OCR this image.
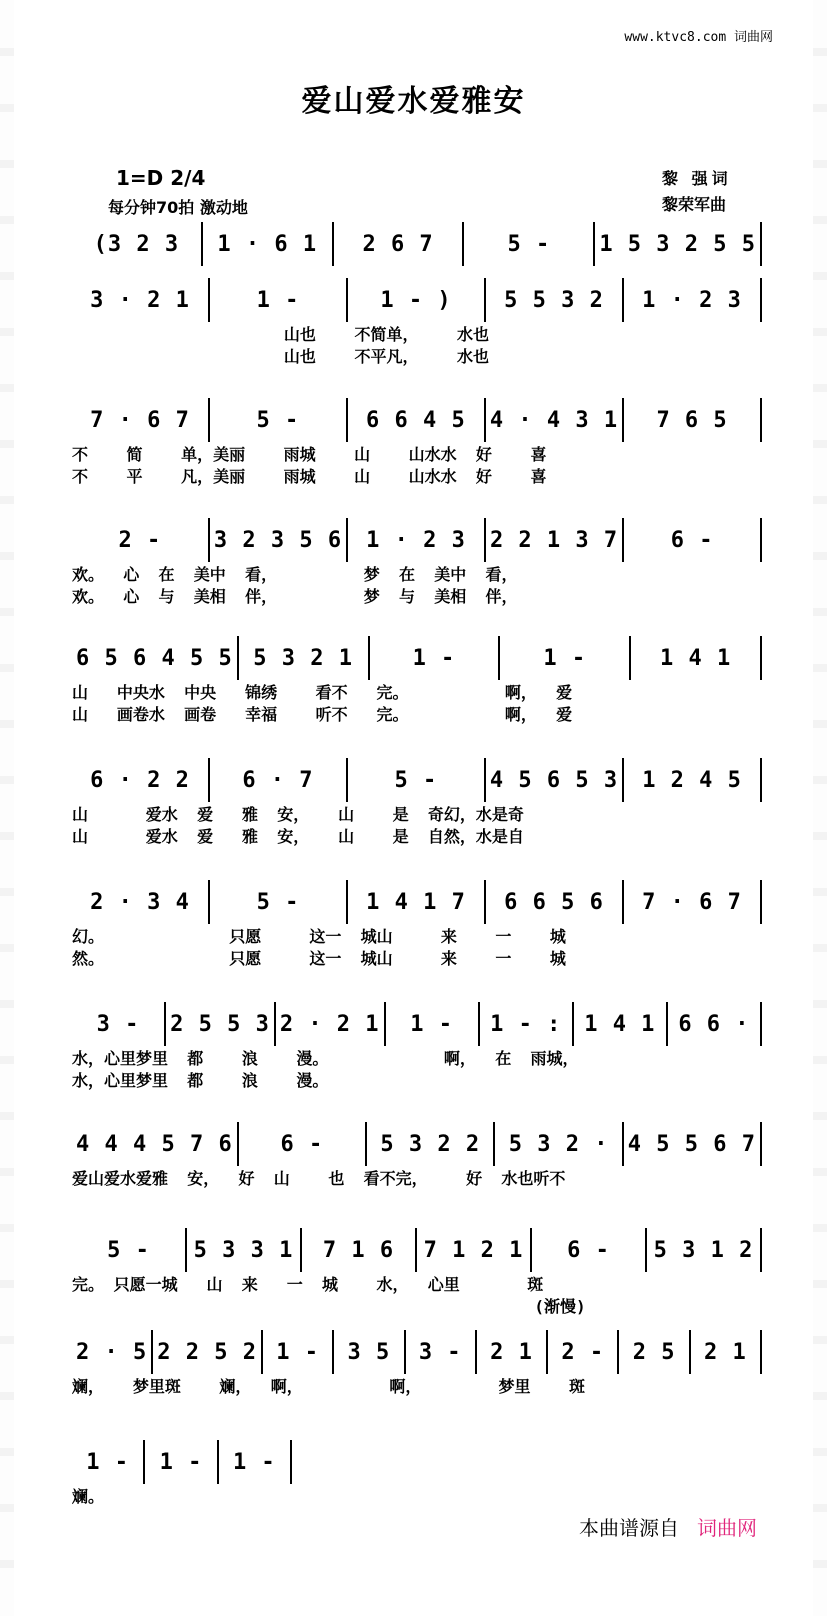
www.ktvc8.com 词曲网
爱山爱水爱雅安
1=D 2/4
每分钟70拍 激动地
黎 强词
黎荣军曲
(3 2 3	1 · 6 1	2 6 7	5 -	1 5 3 2 5 5
3 · 2 1	1 -	1 - )	5 5 3 2	1 · 2 3
山也    不简单，    水也
山也    不平凡，    水也
7 · 6 7	5 -	6 6 4 5	4 · 4 3 1	7 6 5
不    简    单，美丽    雨城    山    山水水  好    喜
不    平    凡，美丽    雨城    山    山水水  好    喜
2 -	3 2 3 5 6	1 · 2 3	2 2 1 3 7	6 -
欢。  心  在  美中  看，         梦  在  美中  看，
欢。  心  与  美相  伴，         梦  与  美相  伴，
6 5 6 4 5 5 5 3 2 1	1 -	1 -	1 4 1
山   中央水  中央   锦绣    看不   完。          啊，  爱
山   画卷水  画卷   幸福    听不   完。          啊，  爱
6 · 2 2	6 · 7	5 -	4 5 6 5 3	1 2 4 5
山      爱水  爱   雅  安，   山    是  奇幻，水是奇
山      爱水  爱   雅  安，   山    是  自然，水是自
2 · 3 4	5 -	1 4 1 7	6 6 5 6	7 · 6 7
幻。             只愿     这一  城山     来    一    城
然。             只愿     这一  城山     来    一    城
3 -	2 5 5 3 2 · 2 1	1 -	1 - :	1 4 1	6 6 ·
水，心里梦里  都    浪    漫。            啊，  在  雨城，
水，心里梦里  都    浪    漫。
4 4 4 5 7 6	6 -	5 3 2 2	5 3 2 · 4 5 5 6 7
爱山爱水爱雅  安，  好  山    也  看不完，    好  水也听不
5 -	5 3 3 1	7 1 6	7 1 2 1	6 -	5 3 1 2
完。 只愿一城   山  来   一  城    水，  心里       斑
(渐慢)
2 · 5 2 2 5 2 1 -	3 5	3 -	2 1	2 -	2 5	2 1
斓，   梦里斑    斓，  啊，         啊，        梦里    斑
1 -	1 -	1 -
斓。
本曲谱源自 词曲网
